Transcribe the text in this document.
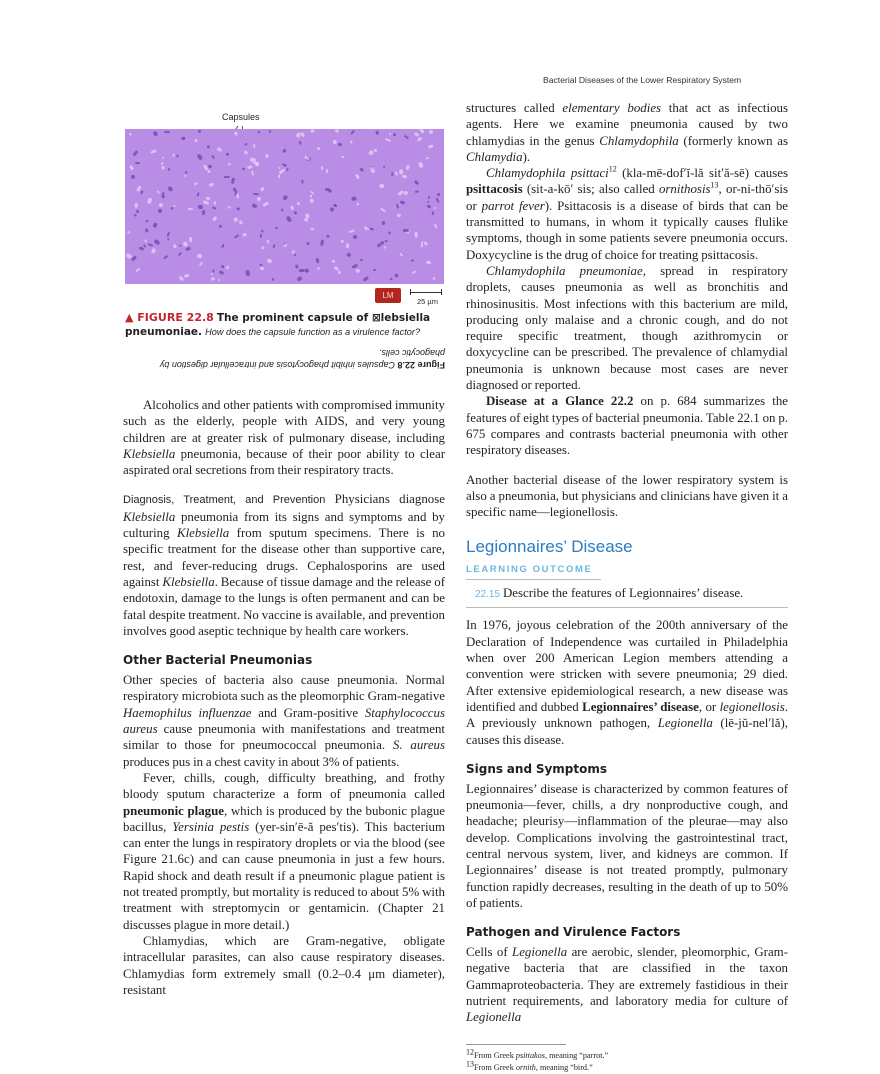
Capsules
LM
25 µm
▲ FIGURE 22.8 The prominent capsule of ⊠lebsiella pneumoniae. How does the capsule function as a virulence factor?
Figure 22.8 Capsules inhibit phagocytosis and intracellular digestion by phagocytic cells.

Alcoholics and other patients with compromised immunity such as the elderly, people with AIDS, and very young children are at greater risk of pulmonary disease, including Klebsiella pneumonia, because of their poor ability to clear aspirated oral secretions from their respiratory tracts.

Diagnosis, Treatment, and Prevention Physicians diagnose Klebsiella pneumonia from its signs and symptoms and by culturing Klebsiella from sputum specimens. There is no specific treatment for the disease other than supportive care, rest, and fever-reducing drugs. Cephalosporins are used against Klebsiella. Because of tissue damage and the release of endotoxin, damage to the lungs is often permanent and can be fatal despite treatment. No vaccine is available, and prevention involves good aseptic technique by health care workers.

Other Bacterial Pneumonias

Other species of bacteria also cause pneumonia. Normal respiratory microbiota such as the pleomorphic Gram-negative Haemophilus influenzae and Gram-positive Staphylococcus aureus cause pneumonia with manifestations and treatment similar to those for pneumococcal pneumonia. S. aureus produces pus in a chest cavity in about 3% of patients.

Fever, chills, cough, difficulty breathing, and frothy bloody sputum characterize a form of pneumonia called pneumonic plague, which is produced by the bubonic plague bacillus, Yersinia pestis (yer-sin′ē-ă pes′tis). This bacterium can enter the lungs in respiratory droplets or via the blood (see Figure 21.6c) and can cause pneumonia in just a few hours. Rapid shock and death result if a pneumonic plague patient is not treated promptly, but mortality is reduced to about 5% with treatment with streptomycin or gentamicin. (Chapter 21 discusses plague in more detail.)

Chlamydias, which are Gram-negative, obligate intracellular parasites, can also cause respiratory diseases. Chlamydias form extremely small (0.2–0.4 μm diameter), resistant

Bacterial Diseases of the Lower Respiratory System

structures called elementary bodies that act as infectious agents. Here we examine pneumonia caused by two chlamydias in the genus Chlamydophila (formerly known as Chlamydia).

Chlamydophila psittaci$^{12}$ (kla-mē-dof′ĭ-lă sit′ă-sē) causes psittacosis (sit-a-kō′ sis; also called ornithosis$^{13}$, or-ni-thō′sis or parrot fever). Psittacosis is a disease of birds that can be transmitted to humans, in whom it typically causes flulike symptoms, though in some patients severe pneumonia occurs. Doxycycline is the drug of choice for treating psittacosis.

Chlamydophila pneumoniae, spread in respiratory droplets, causes pneumonia as well as bronchitis and rhinosinusitis. Most infections with this bacterium are mild, producing only malaise and a chronic cough, and do not require specific treatment, though azithromycin or doxycycline can be prescribed. The prevalence of chlamydial pneumonia is unknown because most cases are never diagnosed or reported.

Disease at a Glance 22.2 on p. 684 summarizes the features of eight types of bacterial pneumonia. Table 22.1 on p. 675 compares and contrasts bacterial pneumonia with other respiratory diseases.

Another bacterial disease of the lower respiratory system is also a pneumonia, but physicians and clinicians have given it a specific name—legionellosis.

Legionnaires’ Disease
LEARNING OUTCOME
22.15 Describe the features of Legionnaires’ disease.

In 1976, joyous celebration of the 200th anniversary of the Declaration of Independence was curtailed in Philadelphia when over 200 American Legion members attending a convention were stricken with severe pneumonia; 29 died. After extensive epidemiological research, a new disease was identified and dubbed Legionnaires’ disease, or legionellosis. A previously unknown pathogen, Legionella (lē-jŭ-nel′lă), causes this disease.

Signs and Symptoms

Legionnaires’ disease is characterized by common features of pneumonia—fever, chills, a dry nonproductive cough, and headache; pleurisy—inflammation of the pleurae—may also develop. Complications involving the gastrointestinal tract, central nervous system, liver, and kidneys are common. If Legionnaires’ disease is not treated promptly, pulmonary function rapidly decreases, resulting in the death of up to 50% of patients.

Pathogen and Virulence Factors

Cells of Legionella are aerobic, slender, pleomorphic, Gram-negative bacteria that are classified in the taxon Gammaproteobacteria. They are extremely fastidious in their nutrient requirements, and laboratory media for culture of Legionella

$^{12}$From Greek psittakos, meaning “parrot.”
$^{13}$From Greek ornith, meaning “bird.”
